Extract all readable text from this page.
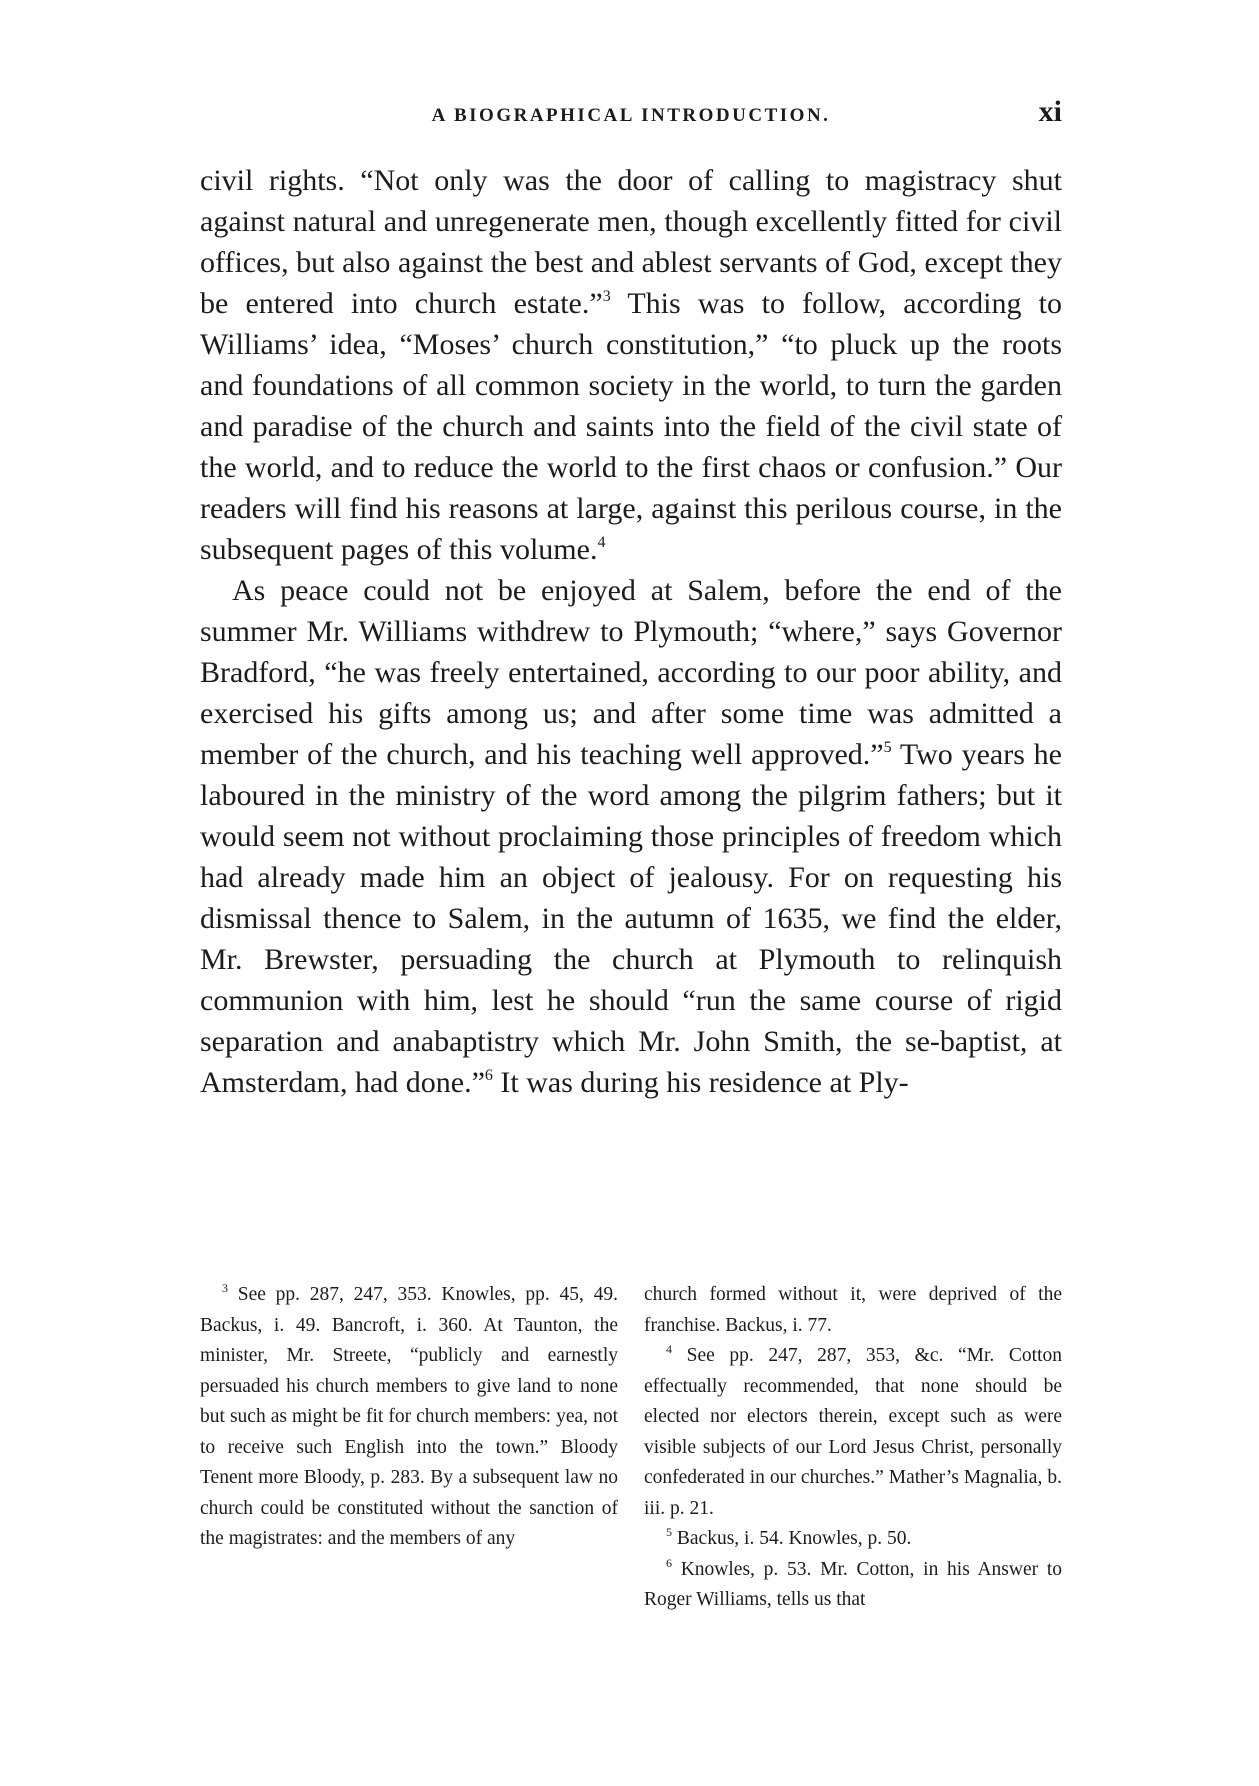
A BIOGRAPHICAL INTRODUCTION.	xi

civil rights. “Not only was the door of calling to magistracy shut against natural and unregenerate men, though excellently fitted for civil offices, but also against the best and ablest servants of God, except they be entered into church estate.”$^3$ This was to follow, according to Williams’ idea, “Moses’ church constitution,” “to pluck up the roots and foundations of all common society in the world, to turn the garden and paradise of the church and saints into the field of the civil state of the world, and to reduce the world to the first chaos or confusion.” Our readers will find his reasons at large, against this perilous course, in the subsequent pages of this volume.$^4$

As peace could not be enjoyed at Salem, before the end of the summer Mr. Williams withdrew to Plymouth; “where,” says Governor Bradford, “he was freely entertained, according to our poor ability, and exercised his gifts among us; and after some time was admitted a member of the church, and his teaching well approved.”$^5$ Two years he laboured in the ministry of the word among the pilgrim fathers; but it would seem not without proclaiming those principles of freedom which had already made him an object of jealousy. For on requesting his dismissal thence to Salem, in the autumn of 1635, we find the elder, Mr. Brewster, persuading the church at Plymouth to relinquish communion with him, lest he should “run the same course of rigid separation and anabaptistry which Mr. John Smith, the se-baptist, at Amsterdam, had done.”$^6$ It was during his residence at Ply-

$^3$ See pp. 287, 247, 353. Knowles, pp. 45, 49. Backus, i. 49. Bancroft, i. 360. At Taunton, the minister, Mr. Streete, “publicly and earnestly persuaded his church members to give land to none but such as might be fit for church members: yea, not to receive such English into the town.” Bloody Tenent more Bloody, p. 283. By a subsequent law no church could be constituted without the sanction of the magistrates: and the members of any

church formed without it, were deprived of the franchise. Backus, i. 77.

$^4$ See pp. 247, 287, 353, &c. “Mr. Cotton effectually recommended, that none should be elected nor electors therein, except such as were visible subjects of our Lord Jesus Christ, personally confederated in our churches.” Mather’s Magnalia, b. iii. p. 21.

$^5$ Backus, i. 54. Knowles, p. 50.

$^6$ Knowles, p. 53. Mr. Cotton, in his Answer to Roger Williams, tells us that
